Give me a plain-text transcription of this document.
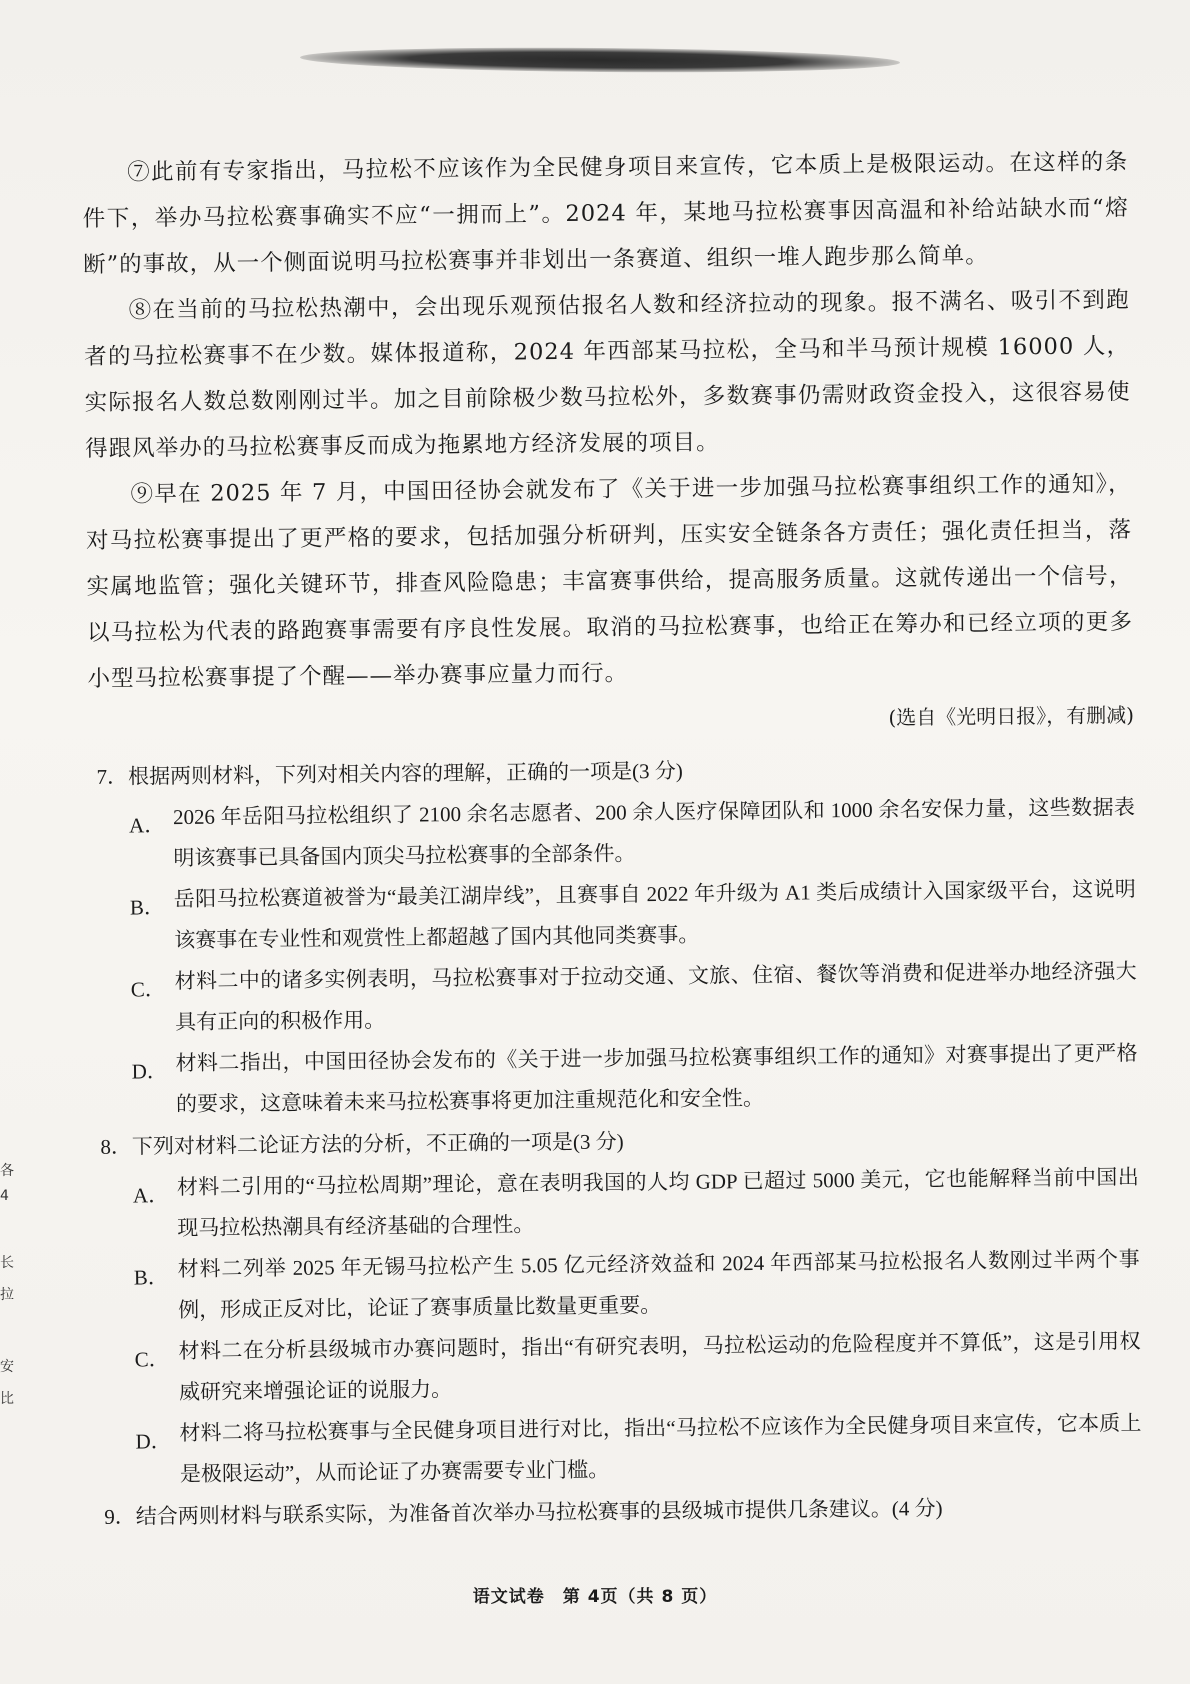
⑦此前有专家指出，马拉松不应该作为全民健身项目来宣传，它本质上是极限运动。在这样的条件下，举办马拉松赛事确实不应“一拥而上”。2024 年，某地马拉松赛事因高温和补给站缺水而“熔断”的事故，从一个侧面说明马拉松赛事并非划出一条赛道、组织一堆人跑步那么简单。

⑧在当前的马拉松热潮中，会出现乐观预估报名人数和经济拉动的现象。报不满名、吸引不到跑者的马拉松赛事不在少数。媒体报道称，2024 年西部某马拉松，全马和半马预计规模 16000 人，实际报名人数总数刚刚过半。加之目前除极少数马拉松外，多数赛事仍需财政资金投入，这很容易使得跟风举办的马拉松赛事反而成为拖累地方经济发展的项目。

⑨早在 2025 年 7 月，中国田径协会就发布了《关于进一步加强马拉松赛事组织工作的通知》，对马拉松赛事提出了更严格的要求，包括加强分析研判，压实安全链条各方责任；强化责任担当，落实属地监管；强化关键环节，排查风险隐患；丰富赛事供给，提高服务质量。这就传递出一个信号，以马拉松为代表的路跑赛事需要有序良性发展。取消的马拉松赛事，也给正在筹办和已经立项的更多小型马拉松赛事提了个醒——举办赛事应量力而行。

(选自《光明日报》，有删减)

7．根据两则材料，下列对相关内容的理解，正确的一项是(3 分)

A． 2026 年岳阳马拉松组织了 2100 余名志愿者、200 余人医疗保障团队和 1000 余名安保力量，这些数据表明该赛事已具备国内顶尖马拉松赛事的全部条件。
B． 岳阳马拉松赛道被誉为“最美江湖岸线”，且赛事自 2022 年升级为 A1 类后成绩计入国家级平台，这说明该赛事在专业性和观赏性上都超越了国内其他同类赛事。
C． 材料二中的诸多实例表明，马拉松赛事对于拉动交通、文旅、住宿、餐饮等消费和促进举办地经济强大具有正向的积极作用。
D． 材料二指出，中国田径协会发布的《关于进一步加强马拉松赛事组织工作的通知》对赛事提出了更严格的要求，这意味着未来马拉松赛事将更加注重规范化和安全性。

8．下列对材料二论证方法的分析，不正确的一项是(3 分)

A． 材料二引用的“马拉松周期”理论，意在表明我国的人均 GDP 已超过 5000 美元，它也能解释当前中国出现马拉松热潮具有经济基础的合理性。
B． 材料二列举 2025 年无锡马拉松产生 5.05 亿元经济效益和 2024 年西部某马拉松报名人数刚过半两个事例，形成正反对比，论证了赛事质量比数量更重要。
C． 材料二在分析县级城市办赛问题时，指出“有研究表明，马拉松运动的危险程度并不算低”，这是引用权威研究来增强论证的说服力。
D． 材料二将马拉松赛事与全民健身项目进行对比，指出“马拉松不应该作为全民健身项目来宣传，它本质上是极限运动”，从而论证了办赛需要专业门槛。

9．结合两则材料与联系实际，为准备首次举办马拉松赛事的县级城市提供几条建议。(4 分)

各
4
长
拉
安
比
语文试卷　第 4页（共 8 页）
